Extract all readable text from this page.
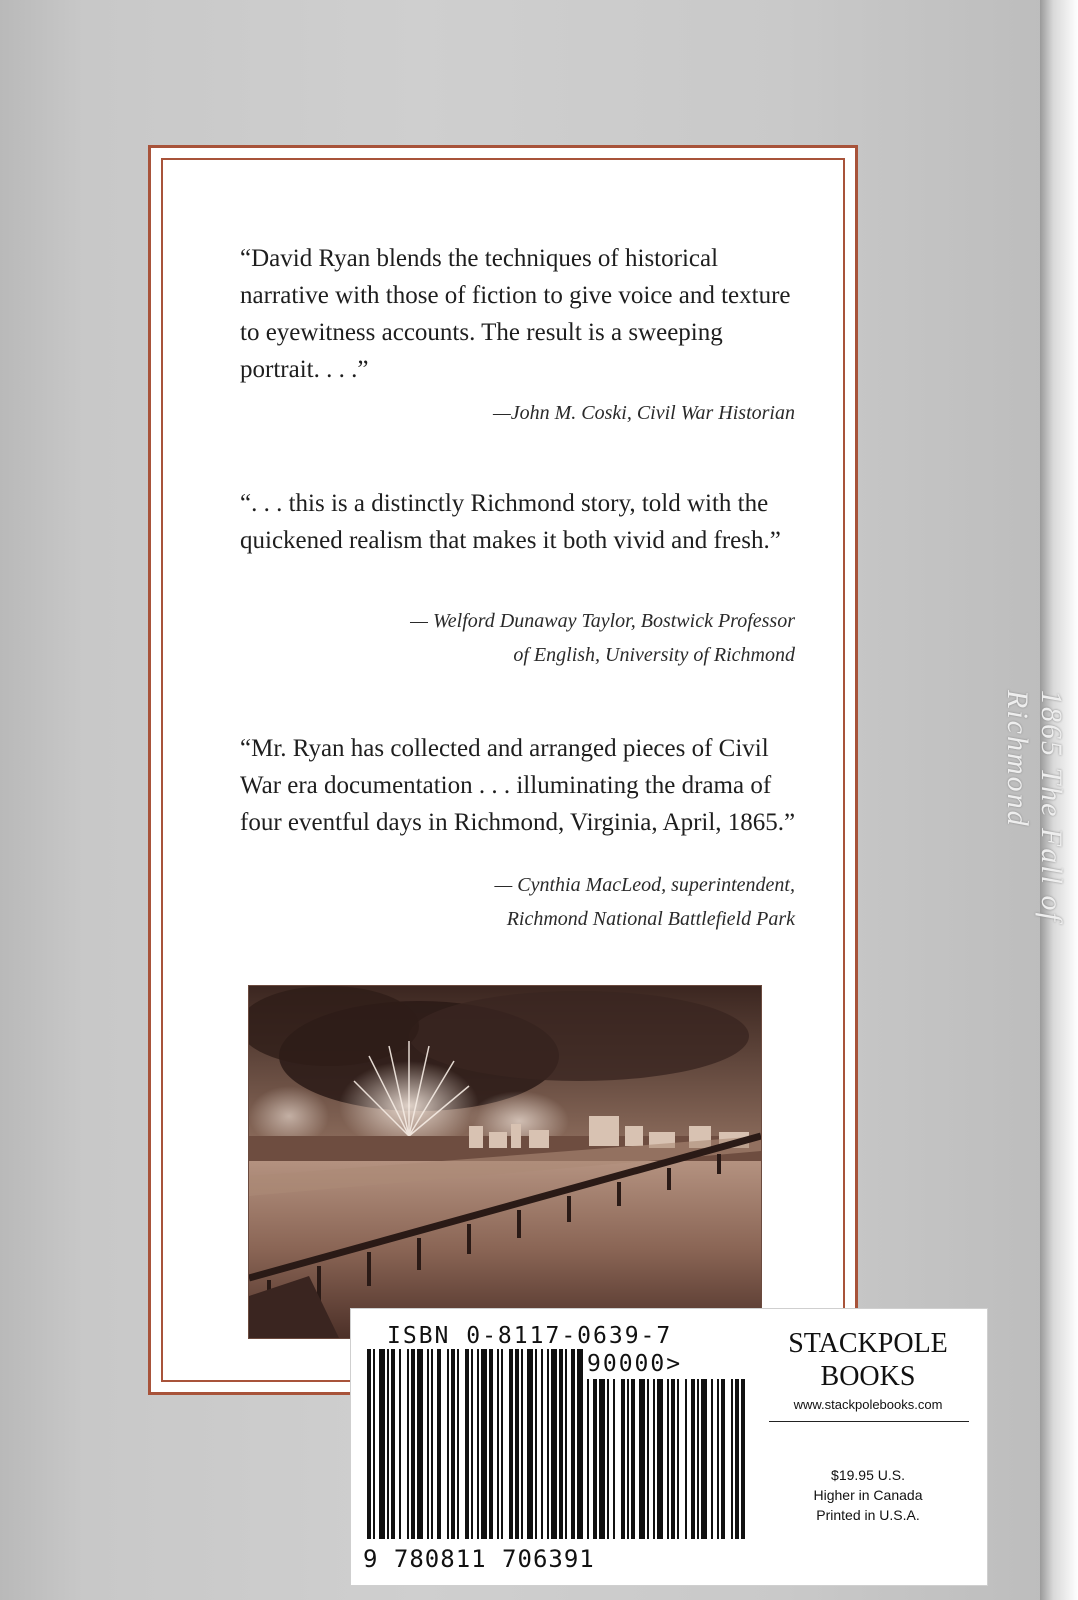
1865 The Fall of Richmond

“David Ryan blends the techniques of historical narrative with those of fiction to give voice and texture to eyewitness accounts. The result is a sweeping portrait. . . .”

—John M. Coski, Civil War Historian

“. . . this is a distinctly Richmond story, told with the quickened realism that makes it both vivid and fresh.”

— Welford Dunaway Taylor, Bostwick Professor
of English, University of Richmond

“Mr. Ryan has collected and arranged pieces of Civil War era documentation . . . illuminating the drama of four eventful days in Richmond, Virginia, April, 1865.”

— Cynthia MacLeod, superintendent,
Richmond National Battlefield Park
ISBN 0-8117-0639-7
90000>
9 780811 706391
STACKPOLE
BOOKS
www.stackpolebooks.com
$19.95 U.S.
Higher in Canada
Printed in U.S.A.
